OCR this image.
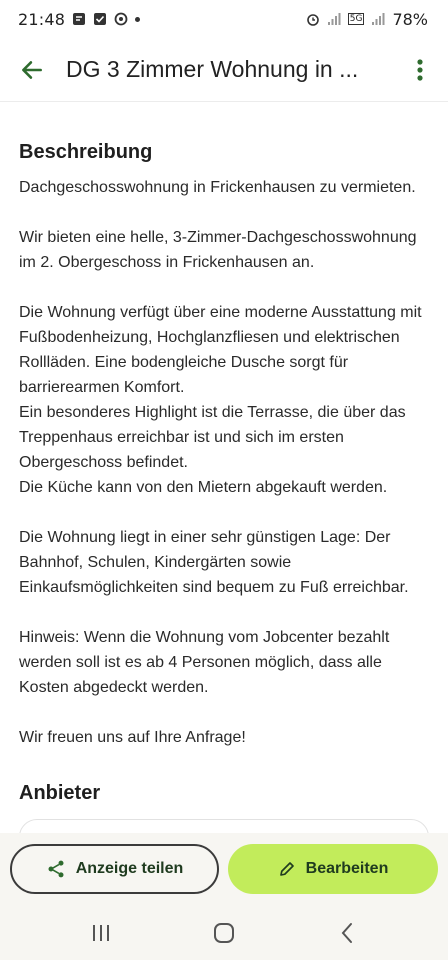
21:48	5G 78%
DG 3 Zimmer Wohnung in ...
Beschreibung

Dachgeschosswohnung in Frickenhausen zu vermieten.

Wir bieten eine helle, 3-Zimmer-Dachgeschosswohnung im 2. Obergeschoss in Frickenhausen an.

Die Wohnung verfügt über eine moderne Ausstattung mit Fußbodenheizung, Hochglanzfliesen und elektrischen Rollläden. Eine bodengleiche Dusche sorgt für barrierearmen Komfort.

Ein besonderes Highlight ist die Terrasse, die über das Treppenhaus erreichbar ist und sich im ersten Obergeschoss befindet.

Die Küche kann von den Mietern abgekauft werden.

Die Wohnung liegt in einer sehr günstigen Lage: Der Bahnhof, Schulen, Kindergärten sowie Einkaufsmöglichkeiten sind bequem zu Fuß erreichbar.

Hinweis: Wenn die Wohnung vom Jobcenter bezahlt werden soll ist es ab 4 Personen möglich, dass alle Kosten abgedeckt werden.

Wir freuen uns auf Ihre Anfrage!

Anbieter
Anzeige teilen	Bearbeiten
